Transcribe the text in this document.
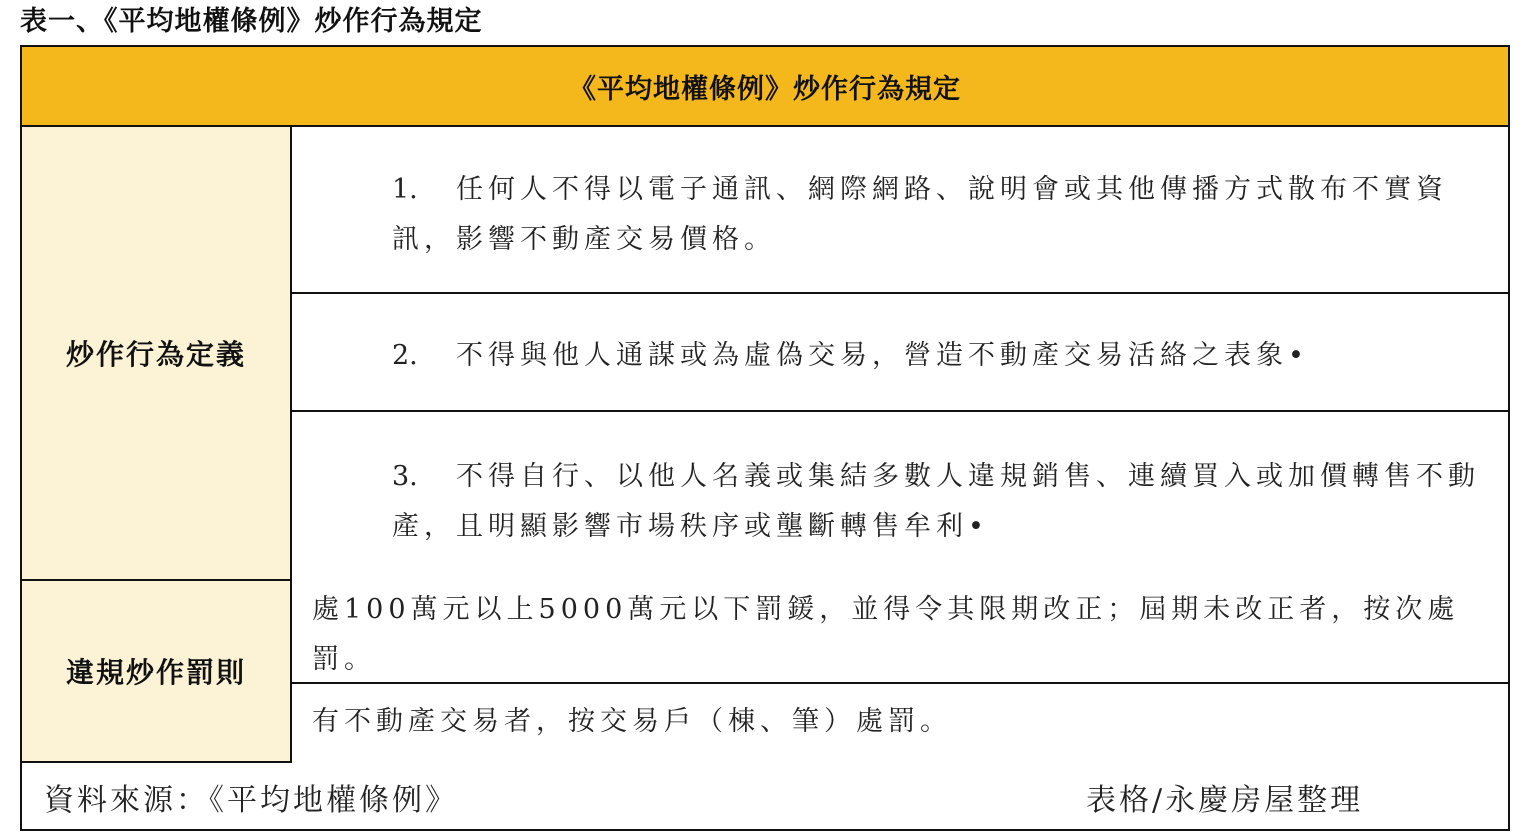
表一、《平均地權條例》炒作行為規定
《平均地權條例》炒作行為規定
炒作行為定義
1. 任何人不得以電子通訊、網際網路、說明會或其他傳播方式散布不實資訊，影響不動產交易價格。
2. 不得與他人通謀或為虛偽交易，營造不動產交易活絡之表象•
3. 不得自行、以他人名義或集結多數人違規銷售、連續買入或加價轉售不動產，且明顯影響市場秩序或壟斷轉售牟利•
違規炒作罰則
處100萬元以上5000萬元以下罰鍰，並得令其限期改正；屆期未改正者，按次處罰。
有不動產交易者，按交易戶（棟、筆）處罰。
資料來源：《平均地權條例》	表格/永慶房屋整理
